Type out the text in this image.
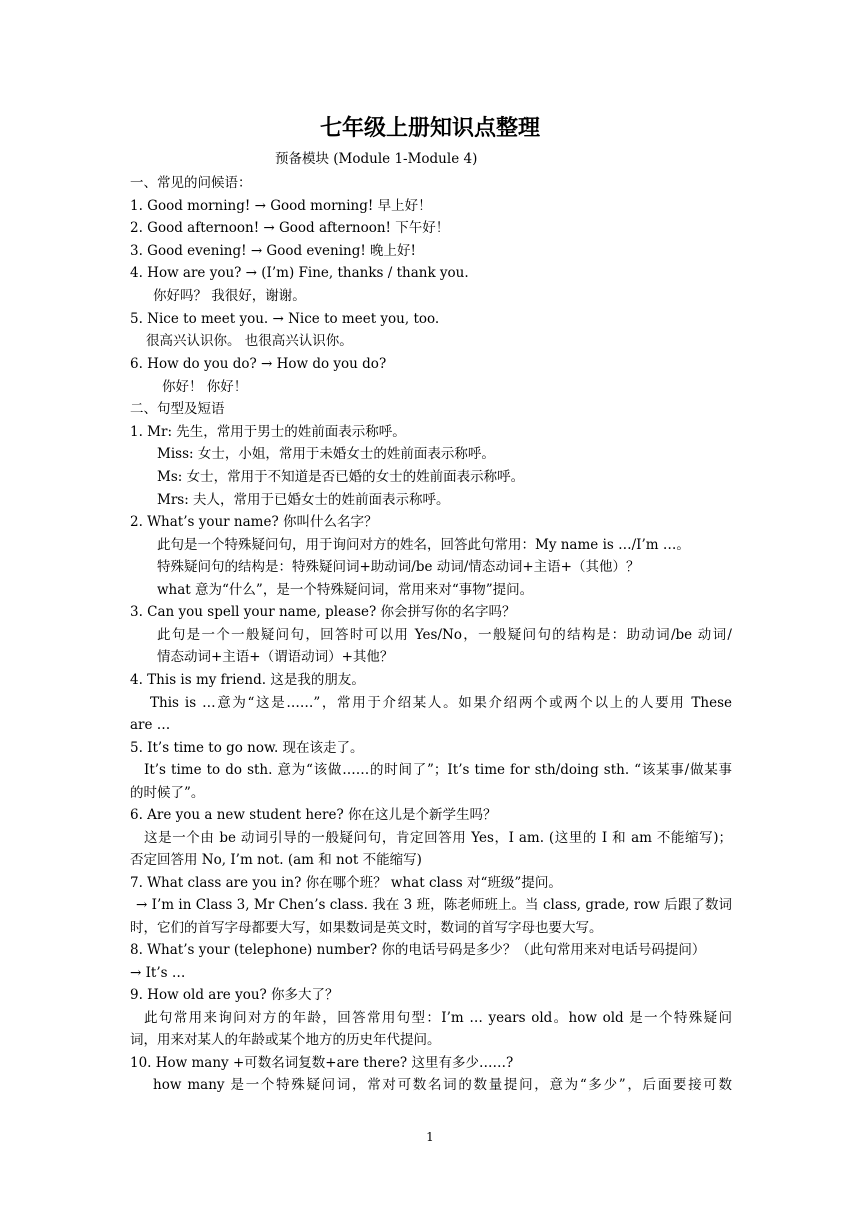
七年级上册知识点整理
预备模块 (Module 1-Module 4)
一、常见的问候语：
1. Good morning! → Good morning! 早上好！
2. Good afternoon! → Good afternoon! 下午好！
3. Good evening! → Good evening! 晚上好!
4. How are you? → (I’m) Fine, thanks / thank you.
你好吗？ 我很好，谢谢。
5. Nice to meet you. → Nice to meet you, too.
很高兴认识你。 也很高兴认识你。
6. How do you do? → How do you do?
你好！ 你好！
二、句型及短语
1. Mr: 先生，常用于男士的姓前面表示称呼。
Miss: 女士，小姐，常用于未婚女士的姓前面表示称呼。
Ms: 女士，常用于不知道是否已婚的女士的姓前面表示称呼。
Mrs: 夫人，常用于已婚女士的姓前面表示称呼。
2. What’s your name? 你叫什么名字？
此句是一个特殊疑问句，用于询问对方的姓名，回答此句常用：My name is …/I’m …。
特殊疑问句的结构是：特殊疑问词+助动词/be 动词/情态动词+主语+（其他）？
what 意为“什么”，是一个特殊疑问词，常用来对“事物”提问。
3. Can you spell your name, please? 你会拼写你的名字吗？
此句是一个一般疑问句，回答时可以用 Yes/No，一般疑问句的结构是：助动词/be 动词/
情态动词+主语+（谓语动词）+其他？
4. This is my friend. 这是我的朋友。
This is …意为“这是……”，常用于介绍某人。如果介绍两个或两个以上的人要用 These
are …
5. It’s time to go now. 现在该走了。
It’s time to do sth. 意为“该做……的时间了”；It’s time for sth/doing sth. “该某事/做某事
的时候了”。
6. Are you a new student here? 你在这儿是个新学生吗？
这是一个由 be 动词引导的一般疑问句，肯定回答用 Yes，I am. (这里的 I 和 am 不能缩写)；
否定回答用 No, I’m not. (am 和 not 不能缩写)
7. What class are you in? 你在哪个班？ what class 对“班级”提问。
→ I’m in Class 3, Mr Chen’s class. 我在 3 班，陈老师班上。当 class, grade, row 后跟了数词
时，它们的首写字母都要大写，如果数词是英文时，数词的首写字母也要大写。
8. What’s your (telephone) number? 你的电话号码是多少？（此句常用来对电话号码提问）
→ It’s …
9. How old are you? 你多大了？
此句常用来询问对方的年龄，回答常用句型：I’m … years old。how old 是一个特殊疑问
词，用来对某人的年龄或某个地方的历史年代提问。
10. How many +可数名词复数+are there? 这里有多少……?
how many 是一个特殊疑问词，常对可数名词的数量提问，意为“多少”，后面要接可数
1
